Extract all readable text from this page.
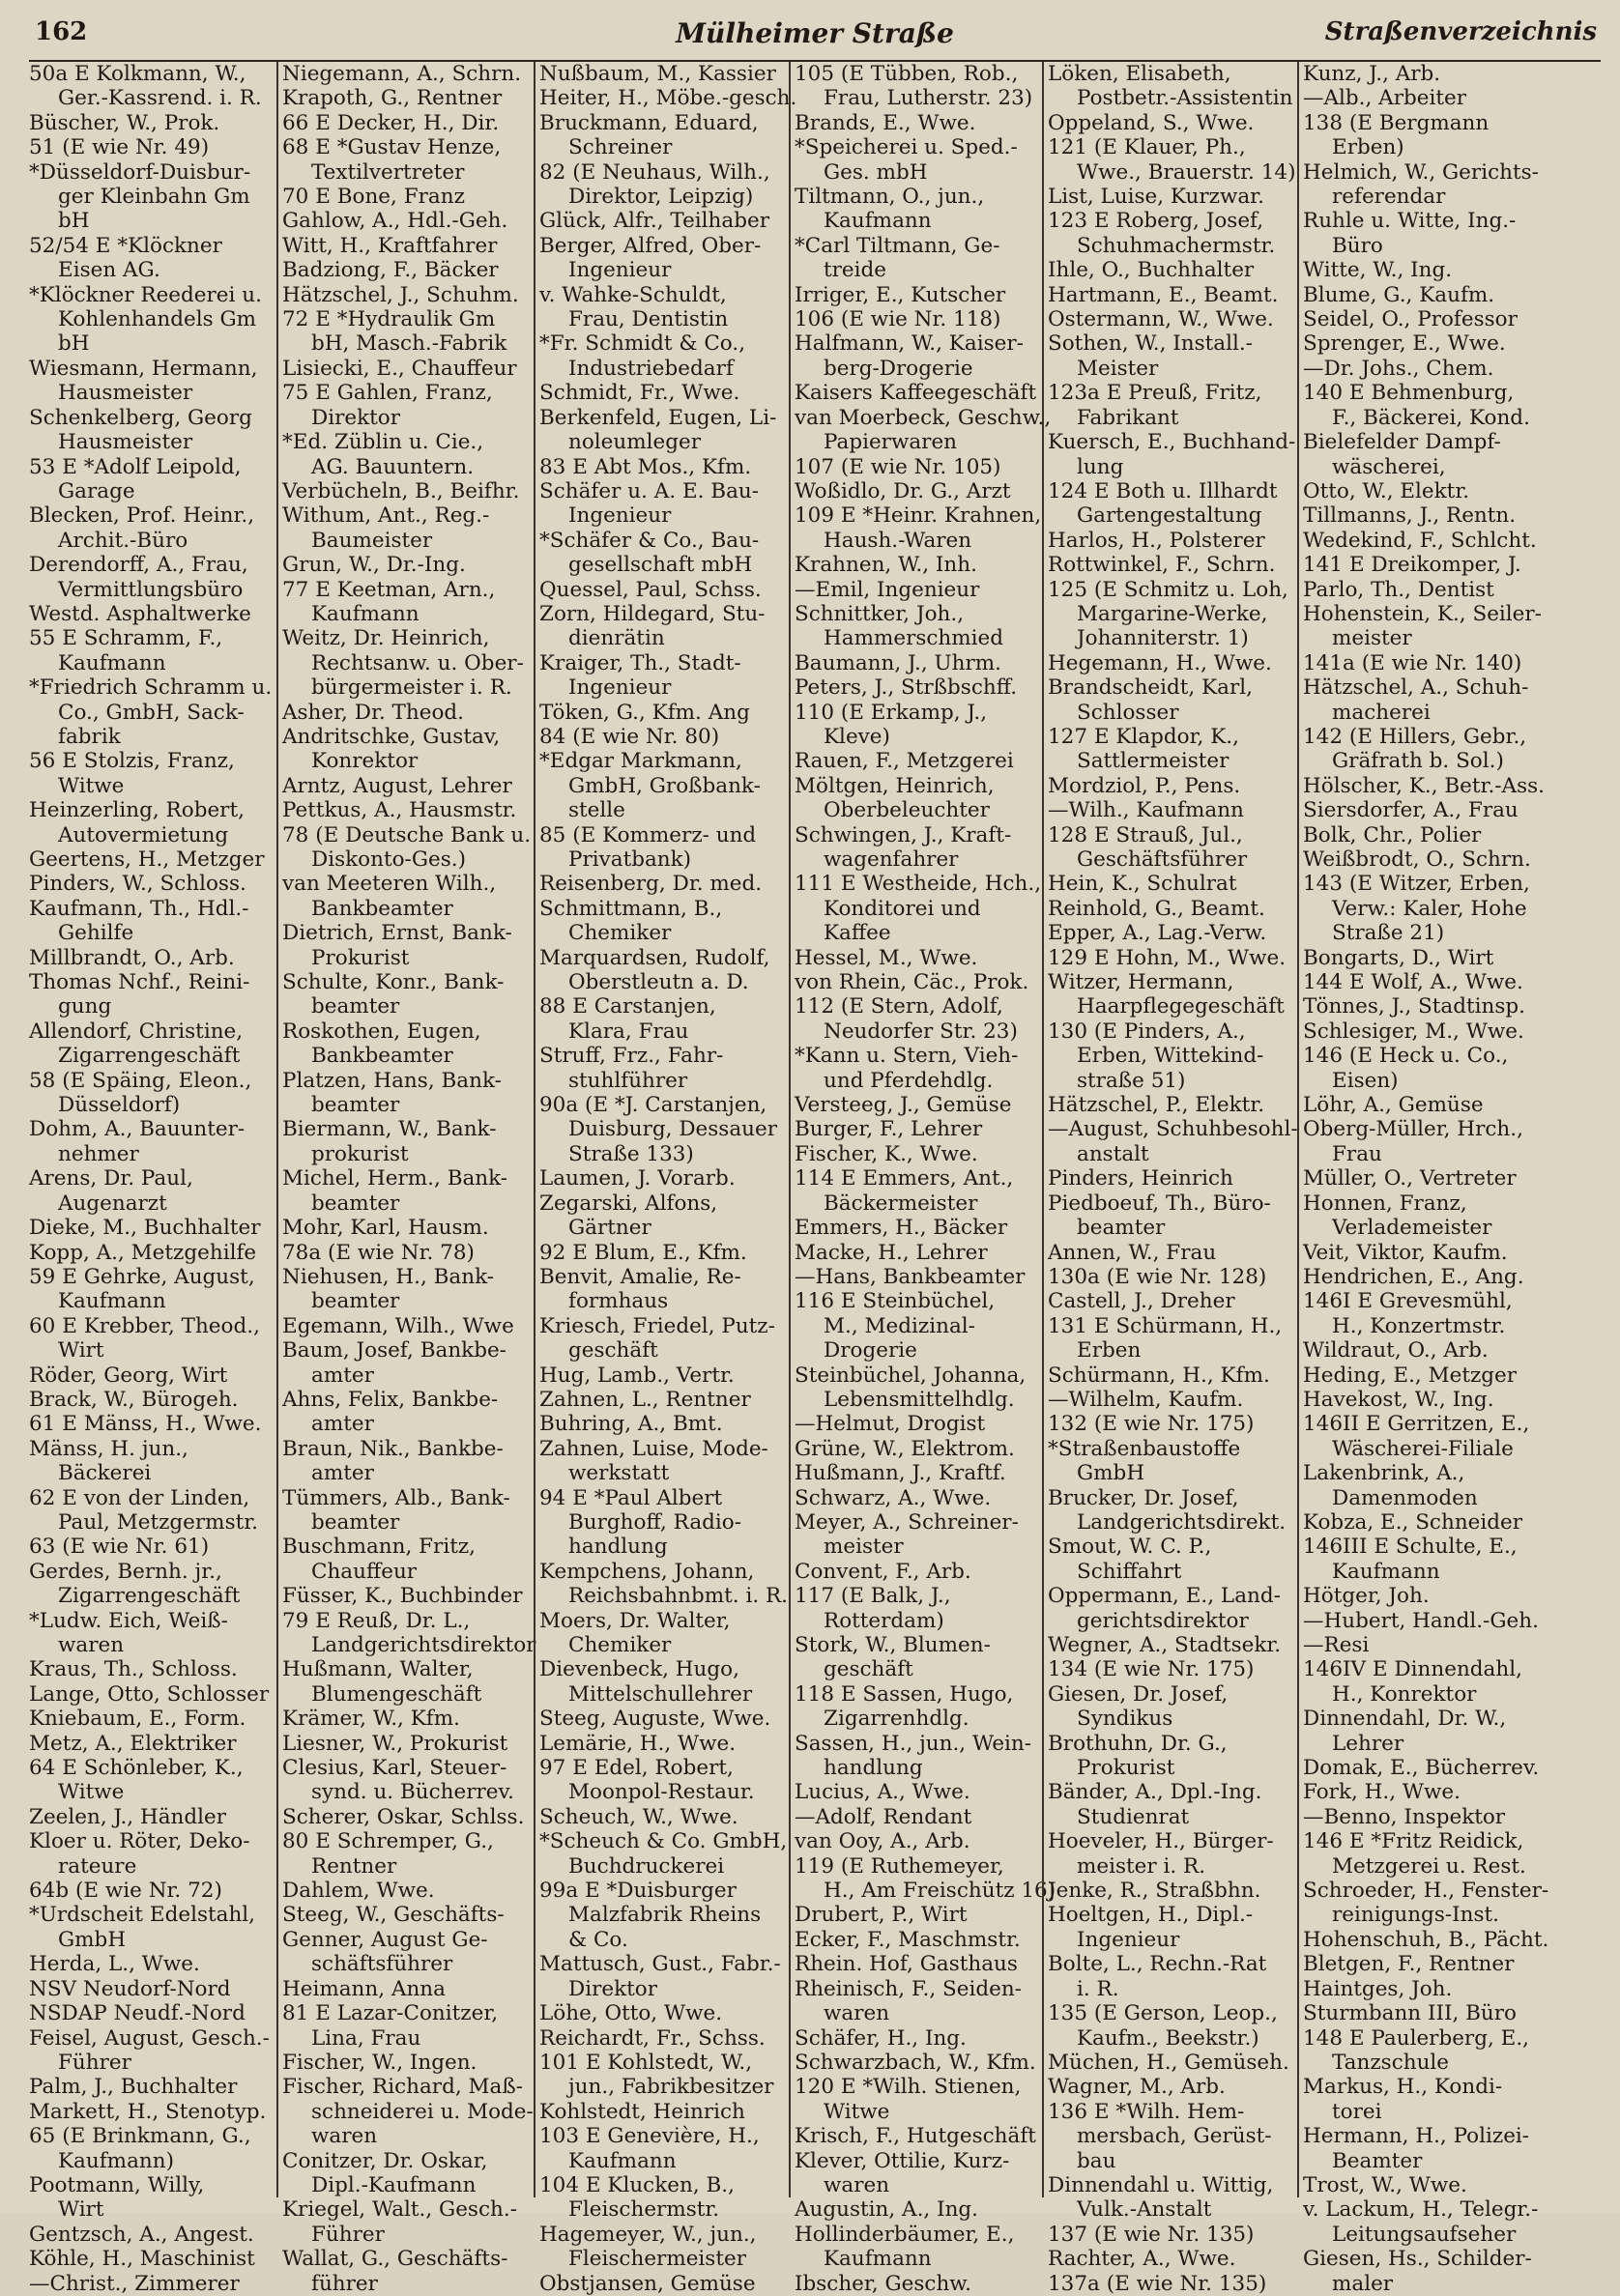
162	Mülheimer Straße	Straßenverzeichnis
50a E Kolkmann, W.,
Ger.-Kassrend. i. R.
Büscher, W., Prok.
51 (E wie Nr. 49)
*Düsseldorf-Duisbur-
ger Kleinbahn Gm
bH
52/54 E *Klöckner
Eisen AG.
*Klöckner Reederei u.
Kohlenhandels Gm
bH
Wiesmann, Hermann,
Hausmeister
Schenkelberg, Georg
Hausmeister
53 E *Adolf Leipold,
Garage
Blecken, Prof. Heinr.,
Archit.-Büro
Derendorff, A., Frau,
Vermittlungsbüro
Westd. Asphaltwerke
55 E Schramm, F.,
Kaufmann
*Friedrich Schramm u.
Co., GmbH, Sack-
fabrik
56 E Stolzis, Franz,
Witwe
Heinzerling, Robert,
Autovermietung
Geertens, H., Metzger
Pinders, W., Schloss.
Kaufmann, Th., Hdl.-
Gehilfe
Millbrandt, O., Arb.
Thomas Nchf., Reini-
gung
Allendorf, Christine,
Zigarrengeschäft
58 (E Späing, Eleon.,
Düsseldorf)
Dohm, A., Bauunter-
nehmer
Arens, Dr. Paul,
Augenarzt
Dieke, M., Buchhalter
Kopp, A., Metzgehilfe
59 E Gehrke, August,
Kaufmann
60 E Krebber, Theod.,
Wirt
Röder, Georg, Wirt
Brack, W., Bürogeh.
61 E Mänss, H., Wwe.
Mänss, H. jun.,
Bäckerei
62 E von der Linden,
Paul, Metzgermstr.
63 (E wie Nr. 61)
Gerdes, Bernh. jr.,
Zigarrengeschäft
*Ludw. Eich, Weiß-
waren
Kraus, Th., Schloss.
Lange, Otto, Schlosser
Kniebaum, E., Form.
Metz, A., Elektriker
64 E Schönleber, K.,
Witwe
Zeelen, J., Händler
Kloer u. Röter, Deko-
rateure
64b (E wie Nr. 72)
*Urdscheit Edelstahl,
GmbH
Herda, L., Wwe.
NSV Neudorf-Nord
NSDAP Neudf.-Nord
Feisel, August, Gesch.-
Führer
Palm, J., Buchhalter
Markett, H., Stenotyp.
65 (E Brinkmann, G.,
Kaufmann)
Pootmann, Willy,
Wirt
Gentzsch, A., Angest.
Köhle, H., Maschinist
—Christ., Zimmerer
Niegemann, A., Schrn.
Krapoth, G., Rentner
66 E Decker, H., Dir.
68 E *Gustav Henze,
Textilvertreter
70 E Bone, Franz
Gahlow, A., Hdl.-Geh.
Witt, H., Kraftfahrer
Badziong, F., Bäcker
Hätzschel, J., Schuhm.
72 E *Hydraulik Gm
bH, Masch.-Fabrik
Lisiecki, E., Chauffeur
75 E Gahlen, Franz,
Direktor
*Ed. Züblin u. Cie.,
AG. Bauuntern.
Verbücheln, B., Beifhr.
Withum, Ant., Reg.-
Baumeister
Grun, W., Dr.-Ing.
77 E Keetman, Arn.,
Kaufmann
Weitz, Dr. Heinrich,
Rechtsanw. u. Ober-
bürgermeister i. R.
Asher, Dr. Theod.
Andritschke, Gustav,
Konrektor
Arntz, August, Lehrer
Pettkus, A., Hausmstr.
78 (E Deutsche Bank u.
Diskonto-Ges.)
van Meeteren Wilh.,
Bankbeamter
Dietrich, Ernst, Bank-
Prokurist
Schulte, Konr., Bank-
beamter
Roskothen, Eugen,
Bankbeamter
Platzen, Hans, Bank-
beamter
Biermann, W., Bank-
prokurist
Michel, Herm., Bank-
beamter
Mohr, Karl, Hausm.
78a (E wie Nr. 78)
Niehusen, H., Bank-
beamter
Egemann, Wilh., Wwe
Baum, Josef, Bankbe-
amter
Ahns, Felix, Bankbe-
amter
Braun, Nik., Bankbe-
amter
Tümmers, Alb., Bank-
beamter
Buschmann, Fritz,
Chauffeur
Füsser, K., Buchbinder
79 E Reuß, Dr. L.,
Landgerichtsdirektor
Hußmann, Walter,
Blumengeschäft
Krämer, W., Kfm.
Liesner, W., Prokurist
Clesius, Karl, Steuer-
synd. u. Bücherrev.
Scherer, Oskar, Schlss.
80 E Schremper, G.,
Rentner
Dahlem, Wwe.
Steeg, W., Geschäfts-
Genner, August Ge-
schäftsführer
Heimann, Anna
81 E Lazar-Conitzer,
Lina, Frau
Fischer, W., Ingen.
Fischer, Richard, Maß-
schneiderei u. Mode-
waren
Conitzer, Dr. Oskar,
Dipl.-Kaufmann
Kriegel, Walt., Gesch.-
Führer
Wallat, G., Geschäfts-
führer
Nußbaum, M., Kassier
Heiter, H., Möbe.-gesch.
Bruckmann, Eduard,
Schreiner
82 (E Neuhaus, Wilh.,
Direktor, Leipzig)
Glück, Alfr., Teilhaber
Berger, Alfred, Ober-
Ingenieur
v. Wahke-Schuldt,
Frau, Dentistin
*Fr. Schmidt & Co.,
Industriebedarf
Schmidt, Fr., Wwe.
Berkenfeld, Eugen, Li-
noleumleger
83 E Abt Mos., Kfm.
Schäfer u. A. E. Bau-
Ingenieur
*Schäfer & Co., Bau-
gesellschaft mbH
Quessel, Paul, Schss.
Zorn, Hildegard, Stu-
dienrätin
Kraiger, Th., Stadt-
Ingenieur
Töken, G., Kfm. Ang
84 (E wie Nr. 80)
*Edgar Markmann,
GmbH, Großbank-
stelle
85 (E Kommerz- und
Privatbank)
Reisenberg, Dr. med.
Schmittmann, B.,
Chemiker
Marquardsen, Rudolf,
Oberstleutn a. D.
88 E Carstanjen,
Klara, Frau
Struff, Frz., Fahr-
stuhlführer
90a (E *J. Carstanjen,
Duisburg, Dessauer
Straße 133)
Laumen, J. Vorarb.
Zegarski, Alfons,
Gärtner
92 E Blum, E., Kfm.
Benvit, Amalie, Re-
formhaus
Kriesch, Friedel, Putz-
geschäft
Hug, Lamb., Vertr.
Zahnen, L., Rentner
Buhring, A., Bmt.
Zahnen, Luise, Mode-
werkstatt
94 E *Paul Albert
Burghoff, Radio-
handlung
Kempchens, Johann,
Reichsbahnbmt. i. R.
Moers, Dr. Walter,
Chemiker
Dievenbeck, Hugo,
Mittelschullehrer
Steeg, Auguste, Wwe.
Lemärie, H., Wwe.
97 E Edel, Robert,
Moonpol-Restaur.
Scheuch, W., Wwe.
*Scheuch & Co. GmbH,
Buchdruckerei
99a E *Duisburger
Malzfabrik Rheins
& Co.
Mattusch, Gust., Fabr.-
Direktor
Löhe, Otto, Wwe.
Reichardt, Fr., Schss.
101 E Kohlstedt, W.,
jun., Fabrikbesitzer
Kohlstedt, Heinrich
103 E Genevière, H.,
Kaufmann
104 E Klucken, B.,
Fleischermstr.
Hagemeyer, W., jun.,
Fleischermeister
Obstjansen, Gemüse
105 (E Tübben, Rob.,
Frau, Lutherstr. 23)
Brands, E., Wwe.
*Speicherei u. Sped.-
Ges. mbH
Tiltmann, O., jun.,
Kaufmann
*Carl Tiltmann, Ge-
treide
Irriger, E., Kutscher
106 (E wie Nr. 118)
Halfmann, W., Kaiser-
berg-Drogerie
Kaisers Kaffeegeschäft
van Moerbeck, Geschw.,
Papierwaren
107 (E wie Nr. 105)
Woßidlo, Dr. G., Arzt
109 E *Heinr. Krahnen,
Haush.-Waren
Krahnen, W., Inh.
—Emil, Ingenieur
Schnittker, Joh.,
Hammerschmied
Baumann, J., Uhrm.
Peters, J., Strßbschff.
110 (E Erkamp, J.,
Kleve)
Rauen, F., Metzgerei
Möltgen, Heinrich,
Oberbeleuchter
Schwingen, J., Kraft-
wagenfahrer
111 E Westheide, Hch.,
Konditorei und
Kaffee
Hessel, M., Wwe.
von Rhein, Cäc., Prok.
112 (E Stern, Adolf,
Neudorfer Str. 23)
*Kann u. Stern, Vieh-
und Pferdehdlg.
Versteeg, J., Gemüse
Burger, F., Lehrer
Fischer, K., Wwe.
114 E Emmers, Ant.,
Bäckermeister
Emmers, H., Bäcker
Macke, H., Lehrer
—Hans, Bankbeamter
116 E Steinbüchel,
M., Medizinal-
Drogerie
Steinbüchel, Johanna,
Lebensmittelhdlg.
—Helmut, Drogist
Grüne, W., Elektrom.
Hußmann, J., Kraftf.
Schwarz, A., Wwe.
Meyer, A., Schreiner-
meister
Convent, F., Arb.
117 (E Balk, J.,
Rotterdam)
Stork, W., Blumen-
geschäft
118 E Sassen, Hugo,
Zigarrenhdlg.
Sassen, H., jun., Wein-
handlung
Lucius, A., Wwe.
—Adolf, Rendant
van Ooy, A., Arb.
119 (E Ruthemeyer,
H., Am Freischütz 16)
Drubert, P., Wirt
Ecker, F., Maschmstr.
Rhein. Hof, Gasthaus
Rheinisch, F., Seiden-
waren
Schäfer, H., Ing.
Schwarzbach, W., Kfm.
120 E *Wilh. Stienen,
Witwe
Krisch, F., Hutgeschäft
Klever, Ottilie, Kurz-
waren
Augustin, A., Ing.
Hollinderbäumer, E.,
Kaufmann
Ibscher, Geschw.
Löken, Elisabeth,
Postbetr.-Assistentin
Oppeland, S., Wwe.
121 (E Klauer, Ph.,
Wwe., Brauerstr. 14)
List, Luise, Kurzwar.
123 E Roberg, Josef,
Schuhmachermstr.
Ihle, O., Buchhalter
Hartmann, E., Beamt.
Ostermann, W., Wwe.
Sothen, W., Install.-
Meister
123a E Preuß, Fritz,
Fabrikant
Kuersch, E., Buchhand-
lung
124 E Both u. Illhardt
Gartengestaltung
Harlos, H., Polsterer
Rottwinkel, F., Schrn.
125 (E Schmitz u. Loh,
Margarine-Werke,
Johanniterstr. 1)
Hegemann, H., Wwe.
Brandscheidt, Karl,
Schlosser
127 E Klapdor, K.,
Sattlermeister
Mordziol, P., Pens.
—Wilh., Kaufmann
128 E Strauß, Jul.,
Geschäftsführer
Hein, K., Schulrat
Reinhold, G., Beamt.
Epper, A., Lag.-Verw.
129 E Hohn, M., Wwe.
Witzer, Hermann,
Haarpflegegeschäft
130 (E Pinders, A.,
Erben, Wittekind-
straße 51)
Hätzschel, P., Elektr.
—August, Schuhbesohl-
anstalt
Pinders, Heinrich
Piedboeuf, Th., Büro-
beamter
Annen, W., Frau
130a (E wie Nr. 128)
Castell, J., Dreher
131 E Schürmann, H.,
Erben
Schürmann, H., Kfm.
—Wilhelm, Kaufm.
132 (E wie Nr. 175)
*Straßenbaustoffe
GmbH
Brucker, Dr. Josef,
Landgerichtsdirekt.
Smout, W. C. P.,
Schiffahrt
Oppermann, E., Land-
gerichtsdirektor
Wegner, A., Stadtsekr.
134 (E wie Nr. 175)
Giesen, Dr. Josef,
Syndikus
Brothuhn, Dr. G.,
Prokurist
Bänder, A., Dpl.-Ing.
Studienrat
Hoeveler, H., Bürger-
meister i. R.
Jenke, R., Straßbhn.
Hoeltgen, H., Dipl.-
Ingenieur
Bolte, L., Rechn.-Rat
i. R.
135 (E Gerson, Leop.,
Kaufm., Beekstr.)
Müchen, H., Gemüseh.
Wagner, M., Arb.
136 E *Wilh. Hem-
mersbach, Gerüst-
bau
Dinnendahl u. Wittig,
Vulk.-Anstalt
137 (E wie Nr. 135)
Rachter, A., Wwe.
137a (E wie Nr. 135)
Kunz, J., Arb.
—Alb., Arbeiter
138 (E Bergmann
Erben)
Helmich, W., Gerichts-
referendar
Ruhle u. Witte, Ing.-
Büro
Witte, W., Ing.
Blume, G., Kaufm.
Seidel, O., Professor
Sprenger, E., Wwe.
—Dr. Johs., Chem.
140 E Behmenburg,
F., Bäckerei, Kond.
Bielefelder Dampf-
wäscherei,
Otto, W., Elektr.
Tillmanns, J., Rentn.
Wedekind, F., Schlcht.
141 E Dreikomper, J.
Parlo, Th., Dentist
Hohenstein, K., Seiler-
meister
141a (E wie Nr. 140)
Hätzschel, A., Schuh-
macherei
142 (E Hillers, Gebr.,
Gräfrath b. Sol.)
Hölscher, K., Betr.-Ass.
Siersdorfer, A., Frau
Bolk, Chr., Polier
Weißbrodt, O., Schrn.
143 (E Witzer, Erben,
Verw.: Kaler, Hohe
Straße 21)
Bongarts, D., Wirt
144 E Wolf, A., Wwe.
Tönnes, J., Stadtinsp.
Schlesiger, M., Wwe.
146 (E Heck u. Co.,
Eisen)
Löhr, A., Gemüse
Oberg-Müller, Hrch.,
Frau
Müller, O., Vertreter
Honnen, Franz,
Verlademeister
Veit, Viktor, Kaufm.
Hendrichen, E., Ang.
146I E Grevesmühl,
H., Konzertmstr.
Wildraut, O., Arb.
Heding, E., Metzger
Havekost, W., Ing.
146II E Gerritzen, E.,
Wäscherei-Filiale
Lakenbrink, A.,
Damenmoden
Kobza, E., Schneider
146III E Schulte, E.,
Kaufmann
Hötger, Joh.
—Hubert, Handl.-Geh.
—Resi
146IV E Dinnendahl,
H., Konrektor
Dinnendahl, Dr. W.,
Lehrer
Domak, E., Bücherrev.
Fork, H., Wwe.
—Benno, Inspektor
146 E *Fritz Reidick,
Metzgerei u. Rest.
Schroeder, H., Fenster-
reinigungs-Inst.
Hohenschuh, B., Pächt.
Bletgen, F., Rentner
Haintges, Joh.
Sturmbann III, Büro
148 E Paulerberg, E.,
Tanzschule
Markus, H., Kondi-
torei
Hermann, H., Polizei-
Beamter
Trost, W., Wwe.
v. Lackum, H., Telegr.-
Leitungsaufseher
Giesen, Hs., Schilder-
maler
